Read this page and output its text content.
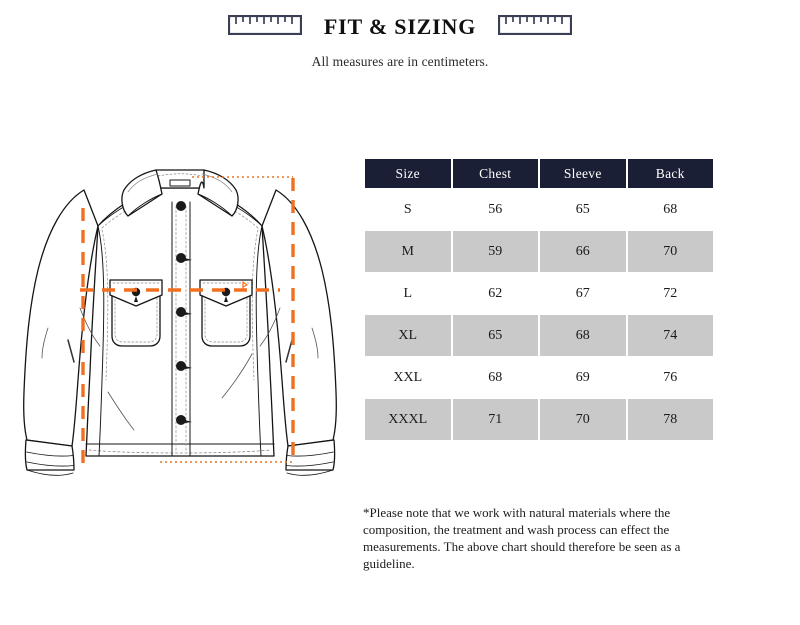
FIT & SIZING
All measures are in centimeters.
Size	Chest	Sleeve	Back
S	56	65	68
M	59	66	70
L	62	67	72
XL	65	68	74
XXL	68	69	76
XXXL	71	70	78

*Please note that we work with natural materials where the composition, the treatment and wash process can effect the measurements. The above chart should therefore be seen as a guideline.
